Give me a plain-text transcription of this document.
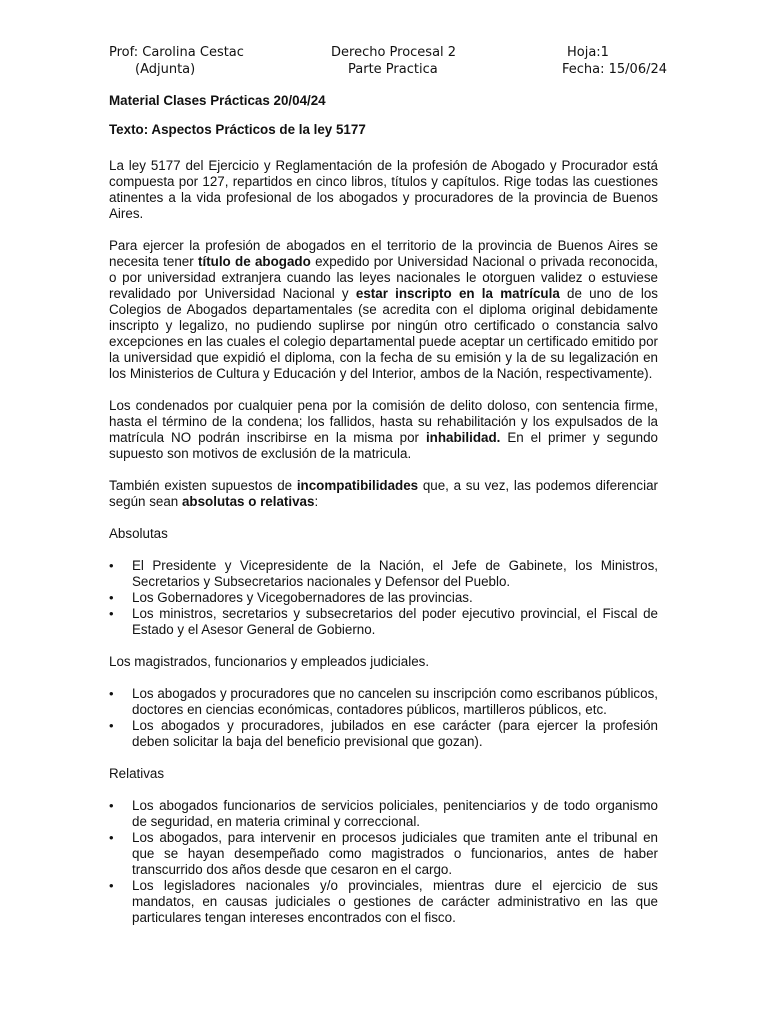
Prof: Carolina Cestac
(Adjunta)
Derecho Procesal 2
Parte Practica
Hoja:1
Fecha: 15/06/24

Material Clases Prácticas 20/04/24

Texto: Aspectos Prácticos de la ley 5177

La ley 5177 del Ejercicio y Reglamentación de la profesión de Abogado y Procurador está compuesta por 127, repartidos en cinco libros, títulos y capítulos. Rige todas las cuestiones atinentes a la vida profesional de los abogados y procuradores de la provincia de Buenos Aires.

Para ejercer la profesión de abogados en el territorio de la provincia de Buenos Aires se necesita tener título de abogado expedido por Universidad Nacional o privada reconocida, o por universidad extranjera cuando las leyes nacionales le otorguen validez o estuviese revalidado por Universidad Nacional y estar inscripto en la matrícula de uno de los Colegios de Abogados departamentales (se acredita con el diploma original debidamente inscripto y legalizo, no pudiendo suplirse por ningún otro certificado o constancia salvo excepciones en las cuales el colegio departamental puede aceptar un certificado emitido por la universidad que expidió el diploma, con la fecha de su emisión y la de su legalización en los Ministerios de Cultura y Educación y del Interior, ambos de la Nación, respectivamente).

Los condenados por cualquier pena por la comisión de delito doloso, con sentencia firme, hasta el término de la condena; los fallidos, hasta su rehabilitación y los expulsados de la matrícula NO podrán inscribirse en la misma por inhabilidad. En el primer y segundo supuesto son motivos de exclusión de la matricula.

También existen supuestos de incompatibilidades que, a su vez, las podemos diferenciar según sean absolutas o relativas:

Absolutas

• El Presidente y Vicepresidente de la Nación, el Jefe de Gabinete, los Ministros, Secretarios y Subsecretarios nacionales y Defensor del Pueblo.
• Los Gobernadores y Vicegobernadores de las provincias.
• Los ministros, secretarios y subsecretarios del poder ejecutivo provincial, el Fiscal de Estado y el Asesor General de Gobierno.

Los magistrados, funcionarios y empleados judiciales.

• Los abogados y procuradores que no cancelen su inscripción como escribanos públicos, doctores en ciencias económicas, contadores públicos, martilleros públicos, etc.
• Los abogados y procuradores, jubilados en ese carácter (para ejercer la profesión deben solicitar la baja del beneficio previsional que gozan).

Relativas

• Los abogados funcionarios de servicios policiales, penitenciarios y de todo organismo de seguridad, en materia criminal y correccional.
• Los abogados, para intervenir en procesos judiciales que tramiten ante el tribunal en que se hayan desempeñado como magistrados o funcionarios, antes de haber transcurrido dos años desde que cesaron en el cargo.
• Los legisladores nacionales y/o provinciales, mientras dure el ejercicio de sus mandatos, en causas judiciales o gestiones de carácter administrativo en las que particulares tengan intereses encontrados con el fisco.
